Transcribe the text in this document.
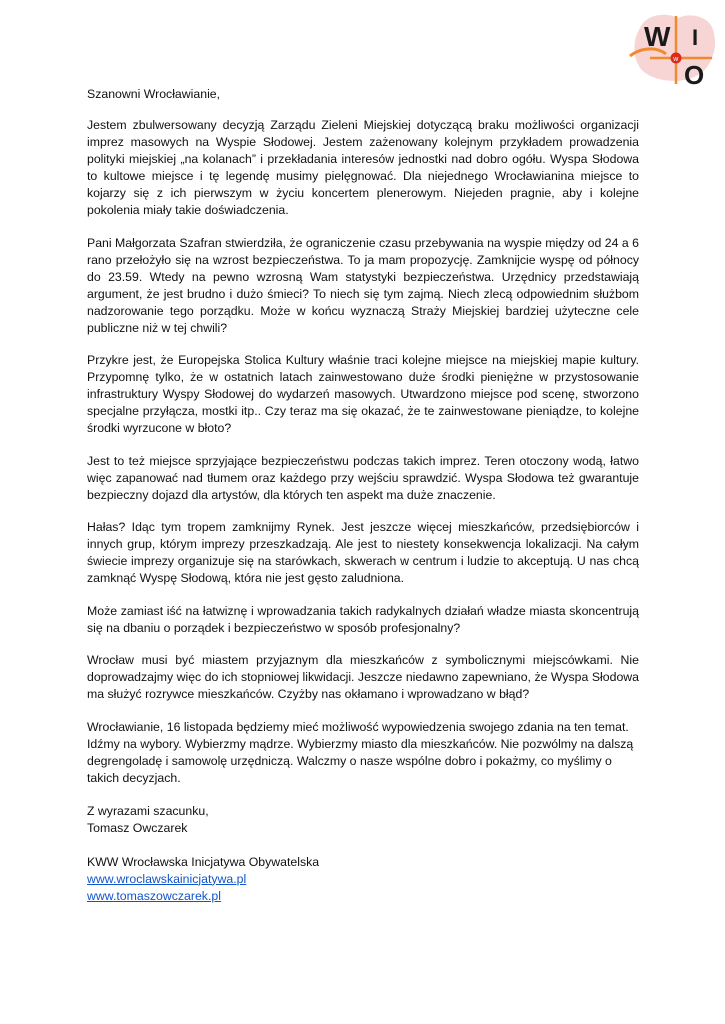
W I
w
O

Szanowni Wrocławianie,

Jestem zbulwersowany decyzją Zarządu Zieleni Miejskiej dotyczącą braku możliwości organizacji imprez masowych na Wyspie Słodowej. Jestem zażenowany kolejnym przykładem prowadzenia polityki miejskiej „na kolanach” i przekładania interesów jednostki nad dobro ogółu. Wyspa Słodowa to kultowe miejsce i tę legendę musimy pielęgnować. Dla niejednego Wrocławianina miejsce to kojarzy się z ich pierwszym w życiu koncertem plenerowym. Niejeden pragnie, aby i kolejne pokolenia miały takie doświadczenia.

Pani Małgorzata Szafran stwierdziła, że ograniczenie czasu przebywania na wyspie między od 24 a 6 rano przełożyło się na wzrost bezpieczeństwa. To ja mam propozycję. Zamknijcie wyspę od północy do 23.59. Wtedy na pewno wzrosną Wam statystyki bezpieczeństwa. Urzędnicy przedstawiają argument, że jest brudno i dużo śmieci? To niech się tym zajmą. Niech zlecą odpowiednim służbom nadzorowanie tego porządku. Może w końcu wyznaczą Straży Miejskiej bardziej użyteczne cele publiczne niż w tej chwili?

Przykre jest, że Europejska Stolica Kultury właśnie traci kolejne miejsce na miejskiej mapie kultury. Przypomnę tylko, że w ostatnich latach zainwestowano duże środki pieniężne w przystosowanie infrastruktury Wyspy Słodowej do wydarzeń masowych. Utwardzono miejsce pod scenę, stworzono specjalne przyłącza, mostki itp.. Czy teraz ma się okazać, że te zainwestowane pieniądze, to kolejne środki wyrzucone w błoto?

Jest to też miejsce sprzyjające bezpieczeństwu podczas takich imprez. Teren otoczony wodą, łatwo więc zapanować nad tłumem oraz każdego przy wejściu sprawdzić. Wyspa Słodowa też gwarantuje bezpieczny dojazd dla artystów, dla których ten aspekt ma duże znaczenie.

Hałas? Idąc tym tropem zamknijmy Rynek. Jest jeszcze więcej mieszkańców, przedsiębiorców i innych grup, którym imprezy przeszkadzają. Ale jest to niestety konsekwencja lokalizacji. Na całym świecie imprezy organizuje się na starówkach, skwerach w centrum i ludzie to akceptują. U nas chcą zamknąć Wyspę Słodową, która nie jest gęsto zaludniona.

Może zamiast iść na łatwiznę i wprowadzania takich radykalnych działań władze miasta skoncentrują się na dbaniu o porządek i bezpieczeństwo w sposób profesjonalny?

Wrocław musi być miastem przyjaznym dla mieszkańców z symbolicznymi miejscówkami. Nie doprowadzajmy więc do ich stopniowej likwidacji. Jeszcze niedawno zapewniano, że Wyspa Słodowa ma służyć rozrywce mieszkańców. Czyżby nas okłamano i wprowadzano w błąd?

Wrocławianie, 16 listopada będziemy mieć możliwość wypowiedzenia swojego zdania na ten temat.
Idźmy na wybory. Wybierzmy mądrze. Wybierzmy miasto dla mieszkańców. Nie pozwólmy na dalszą
degrengoladę i samowolę urzędniczą. Walczmy o nasze wspólne dobro i pokażmy, co myślimy o
takich decyzjach.

Z wyrazami szacunku,
Tomasz Owczarek

KWW Wrocławska Inicjatywa Obywatelska
www.wroclawskainicjatywa.pl
www.tomaszowczarek.pl
